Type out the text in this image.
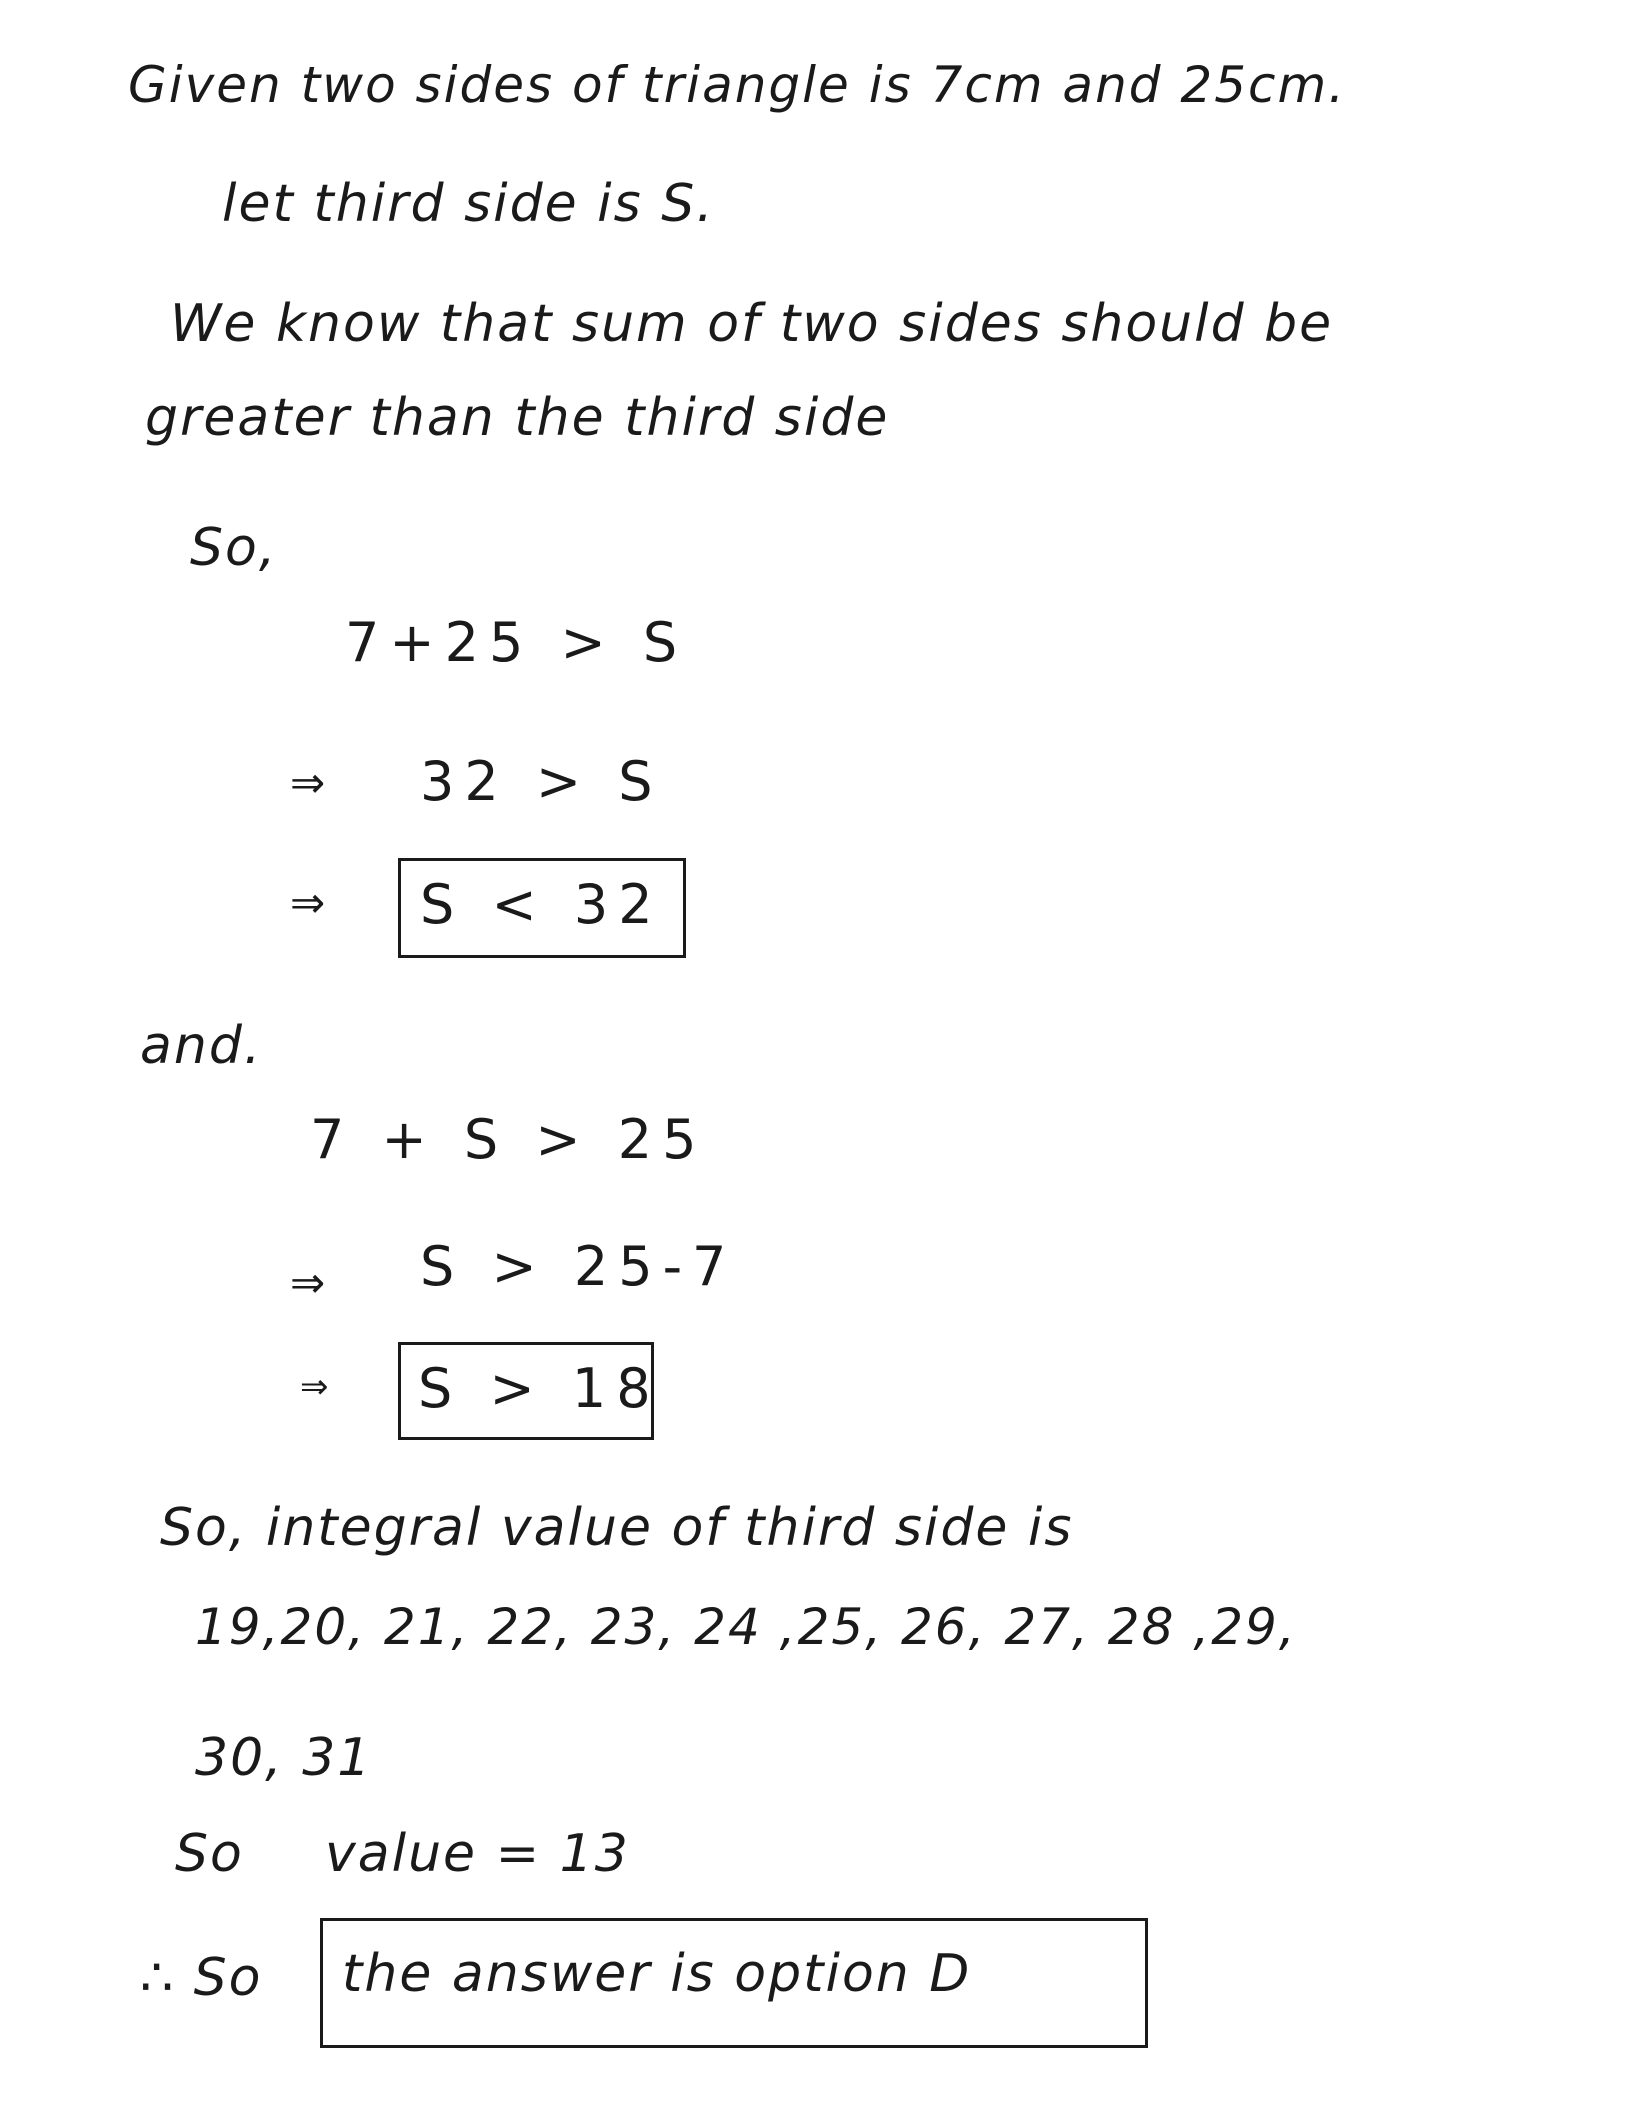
Given two sides of triangle is 7cm and 25cm.
let third side is S.
We know that sum of two sides should be
greater than the third side
So,
7+25 > S
⇒ 32 > S
⇒ S < 32
and.
7 + S > 25
⇒ S > 25-7
⇒ S > 18
So, integral value of third side is
19,20, 21, 22, 23, 24 ,25, 26, 27, 28 ,29,
30, 31
So value = 13
∴ So the answer is option D
